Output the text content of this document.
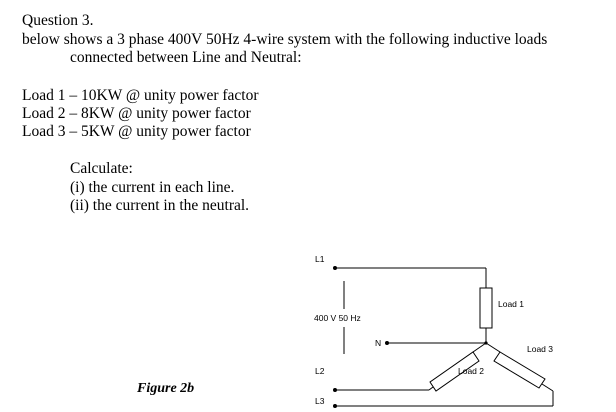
Question 3.
below shows a 3 phase 400V 50Hz 4-wire system with the following inductive loads
connected between Line and Neutral:
Load 1 – 10KW @ unity power factor
Load 2 – 8KW @ unity power factor
Load 3 – 5KW @ unity power factor
Calculate:
(i) the current in each line.
(ii) the current in the neutral.
Figure 2b
L1
400 V 50 Hz
N
L2
L3
Load 1
Load 2
Load 3
